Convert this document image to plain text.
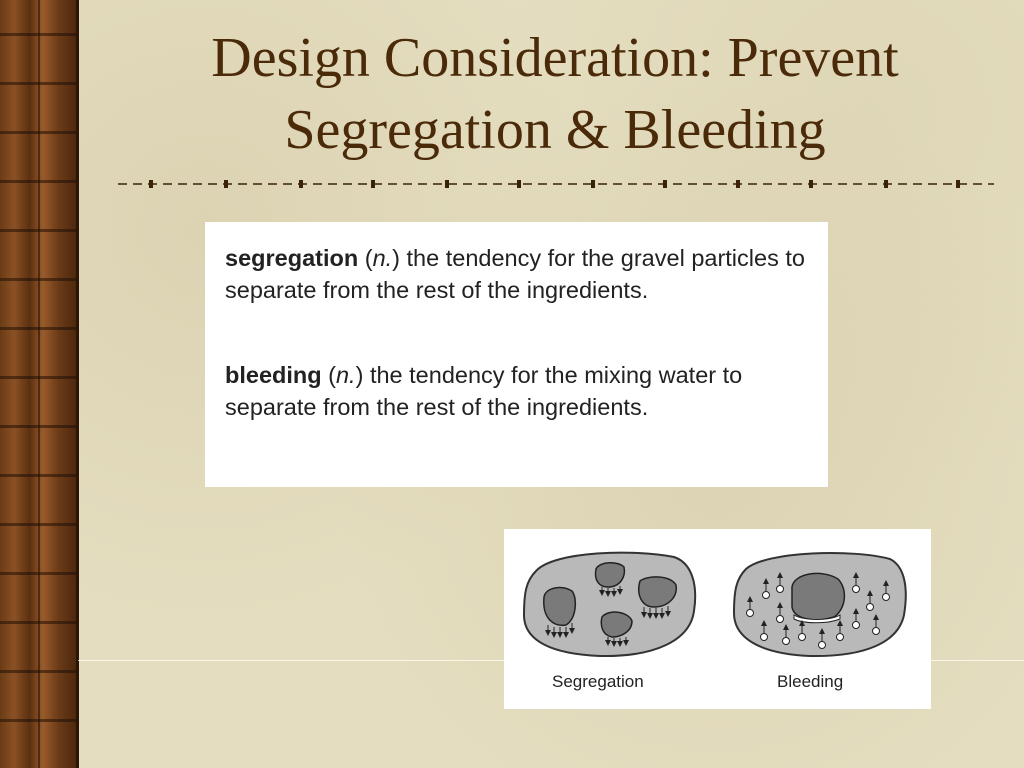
Design Consideration: Prevent
Segregation & Bleeding

segregation (n.) the tendency for the gravel particles to separate from the rest of the ingredients.

bleeding (n.) the tendency for the mixing water to separate from the rest of the ingredients.

Segregation	Bleeding
